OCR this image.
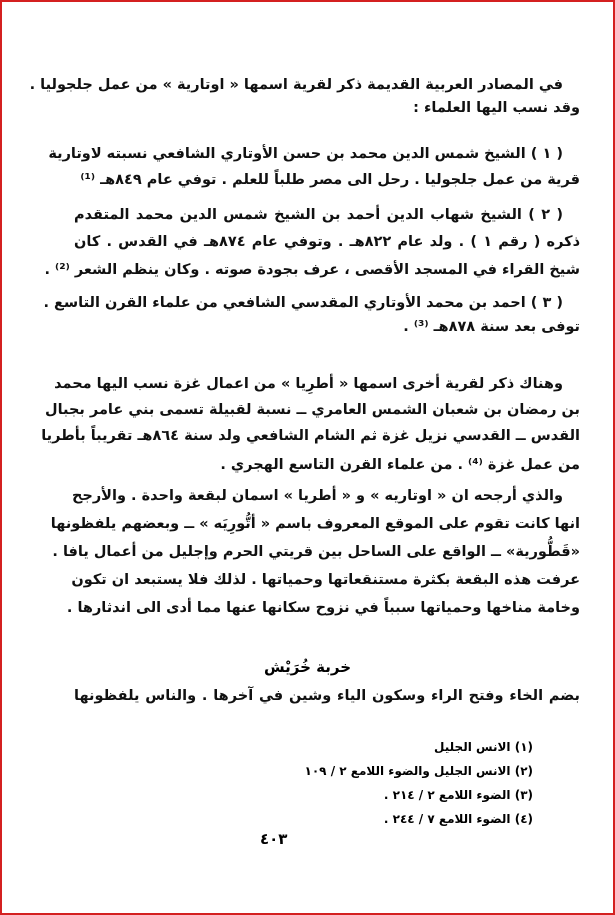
في المصادر العربية القديمة ذكر لقرية اسمها « اوتارية » من عمل جلجوليا .
وقد نسب اليها العلماء :
( ١ ) الشيخ شمس الدين محمد بن حسن الأوتاري الشافعي نسبته لاوتارية
قرية من عمل جلجوليا . رحل الى مصر طلباً للعلم . توفي عام ٨٤٩هـ ⁽¹⁾
( ٢ ) الشيخ شهاب الدين أحمد بن الشيخ شمس الدين محمد المتقدم
ذكره ( رقم ١ ) . ولد عام ٨٢٢هـ . وتوفي عام ٨٧٤هـ في القدس . كان
شيخ القراء في المسجد الأقصى ، عرف بجودة صوته . وكان ينظم الشعر ⁽²⁾ .
( ٣ ) احمد بن محمد الأوتاري المقدسي الشافعي من علماء القرن التاسع .
توفى بعد سنة ٨٧٨هـ ⁽³⁾ .
وهناك ذكر لقرية أخرى اسمها « أطرِيا » من اعمال غزة نسب اليها محمد
بن رمضان بن شعبان الشمس العامري ــ نسبة لقبيلة تسمى بني عامر بجبال
القدس ــ القدسي نزيل غزة ثم الشام الشافعي ولد سنة ٨٦٤هـ تقريباً بأطريا
من عمل غزة ⁽⁴⁾ . من علماء القرن التاسع الهجري .
والذي أرجحه ان « اوتاريه » و « أطريا » اسمان لبقعة واحدة . والأرجح
انها كانت تقوم على الموقع المعروف باسم « أتُّورِيَه » ــ وبعضهم يلفظونها
«قَطُّورية» ــ الواقع على الساحل بين قريتي الحرم وإجليل من أعمال يافا .
عرفت هذه البقعة بكثرة مستنقعاتها وحمياتها . لذلك فلا يستبعد ان تكون
وخامة مناخها وحمياتها سبباً في نزوح سكانها عنها مما أدى الى اندثارها .
خربة خُرَيْش
بضم الخاء وفتح الراء وسكون الياء وشين في آخرها . والناس يلفظونها
(١) الانس الجليل
(٢) الانس الجليل والضوء اللامع ٢ / ١٠٩
(٣) الضوء اللامع ٢ / ٢١٤ .
(٤) الضوء اللامع ٧ / ٢٤٤ .
٤٠٣
